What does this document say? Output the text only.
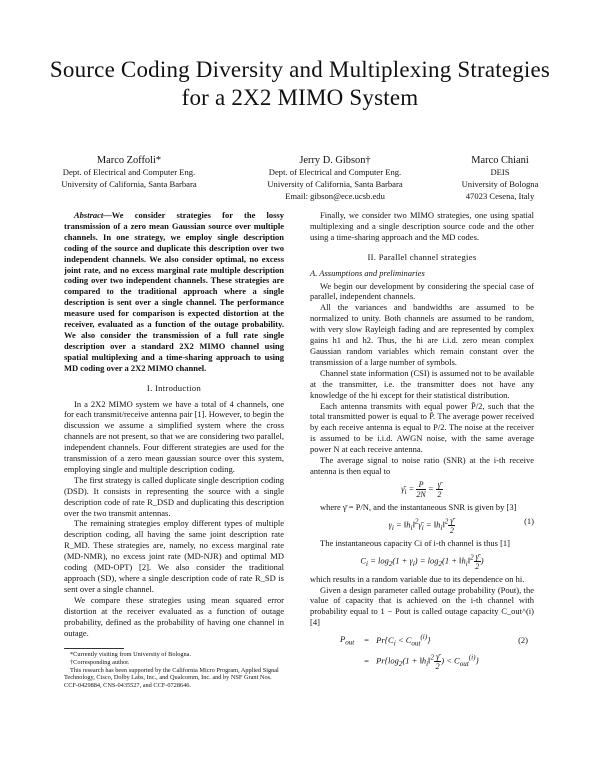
Source Coding Diversity and Multiplexing Strategies for a 2X2 MIMO System
Marco Zoffoli*
Dept. of Electrical and Computer Eng.
University of California, Santa Barbara
Jerry D. Gibson†
Dept. of Electrical and Computer Eng.
University of California, Santa Barbara
Email: gibson@ece.ucsb.edu
Marco Chiani
DEIS
University of Bologna
47023 Cesena, Italy

Abstract—We consider strategies for the lossy transmission of a zero mean Gaussian source over multiple channels. In one strategy, we employ single description coding of the source and duplicate this description over two independent channels. We also consider optimal, no excess joint rate, and no excess marginal rate multiple description coding over two independent channels. These strategies are compared to the traditional approach where a single description is sent over a single channel. The performance measure used for comparison is expected distortion at the receiver, evaluated as a function of the outage probability. We also consider the transmission of a full rate single description over a standard 2X2 MIMO channel using spatial multiplexing and a time-sharing approach to using MD coding over a 2X2 MIMO channel.

I. Introduction

In a 2X2 MIMO system we have a total of 4 channels, one for each transmit/receive antenna pair [1]. However, to begin the discussion we assume a simplified system where the cross channels are not present, so that we are considering two parallel, independent channels. Four different strategies are used for the transmission of a zero mean gaussian source over this system, employing single and multiple description coding.

The first strategy is called duplicate single description coding (DSD). It consists in representing the source with a single description code of rate R_DSD and duplicating this description over the two transmit antennas.

The remaining strategies employ different types of multiple description coding, all having the same joint description rate R_MD. These strategies are, namely, no excess marginal rate (MD-NMR), no excess joint rate (MD-NJR) and optimal MD coding (MD-OPT) [2]. We also consider the traditional approach (SD), where a single description code of rate R_SD is sent over a single channel.

We compare these strategies using mean squared error distortion at the receiver evaluated as a function of outage probability, defined as the probability of having one channel in outage.

*Currently visiting from University of Bologna.

†Corresponding author.

This research has been supported by the California Micro Program, Applied Signal Technology, Cisco, Dolby Labs, Inc., and Qualcomm, Inc. and by NSF Grant Nos. CCF-0429884, CNS-0435527, and CCF-0728646.

Finally, we consider two MIMO strategies, one using spatial multiplexing and a single description source code and the other using a time-sharing approach and the MD codes.

II. Parallel channel strategies
A. Assumptions and preliminaries

We begin our development by considering the special case of parallel, independent channels.

All the variances and bandwidths are assumed to be normalized to unity. Both channels are assumed to be random, with very slow Rayleigh fading and are represented by complex gains h1 and h2. Thus, the hi are i.i.d. zero mean complex Gaussian random variables which remain constant over the transmission of a large number of symbols.

Channel state information (CSI) is assumed not to be available at the transmitter, i.e. the transmitter does not have any knowledge of the hi except for their statistical distribution.

Each antenna transmits with equal power P̄/2, such that the total transmitted power is equal to P̄. The average power received by each receive antenna is equal to P/2. The noise at the receiver is assumed to be i.i.d. AWGN noise, with the same average power N at each receive antenna.

The average signal to noise ratio (SNR) at the i-th receive antenna is then equal to

$\gammā_i = \frac{P}{2N} = \frac{\gammā}{2}$

where γ̄ = P/N, and the instantaneous SNR is given by [3]

$\gamma_i$ = $‖h_i‖^2\gammā_i$ = $‖h_i‖^2 \frac{\gammā}{2}$	(1)

The instantaneous capacity Ci of i-th channel is thus [1]

$C_i = \log_2(1 + \gamma_i) = \log_2(1$ + $‖h_i‖^2 \frac{\gammā}{2}$ )

which results in a random variable due to its dependence on hi.

Given a design parameter called outage probability (Pout), the value of capacity that is achieved on the i-th channel with probability equal to 1 − Pout is called outage capacity C_out^(i) [4]

$P_{out}$	=	$Pr\{C_i < C_{out}^{(i)}\}$	(2)
	=	$Pr\{\log_2(1$ + $‖h_i‖^2 \frac{\gammā}{2}$ ) < $C_{out}^{(i)}$}	
